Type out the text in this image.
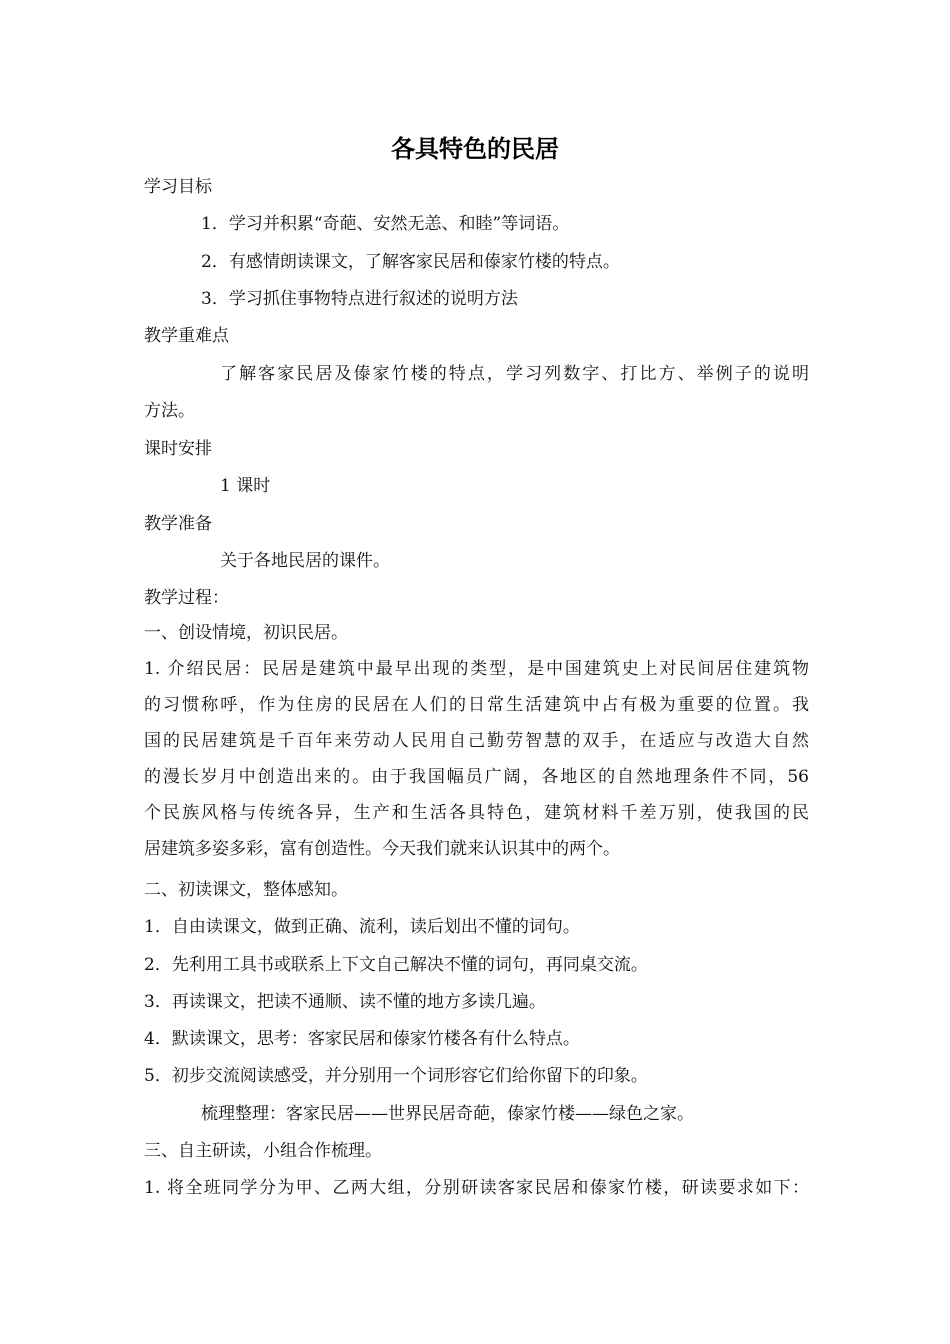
各具特色的民居
学习目标
1．学习并积累“奇葩、安然无恙、和睦”等词语。
2．有感情朗读课文，了解客家民居和傣家竹楼的特点。
3．学习抓住事物特点进行叙述的说明方法
教学重难点
了解客家民居及傣家竹楼的特点，学习列数字、打比方、举例子的说明
方法。
课时安排
1 课时
教学准备
关于各地民居的课件。
教学过程：
一、创设情境，初识民居。
1. 介绍民居：民居是建筑中最早出现的类型，是中国建筑史上对民间居住建筑物
的习惯称呼，作为住房的民居在人们的日常生活建筑中占有极为重要的位置。我
国的民居建筑是千百年来劳动人民用自己勤劳智慧的双手，在适应与改造大自然
的漫长岁月中创造出来的。由于我国幅员广阔，各地区的自然地理条件不同，56
个民族风格与传统各异，生产和生活各具特色，建筑材料千差万别，使我国的民
居建筑多姿多彩，富有创造性。今天我们就来认识其中的两个。
二、初读课文，整体感知。
1．自由读课文，做到正确、流利，读后划出不懂的词句。
2．先利用工具书或联系上下文自己解决不懂的词句，再同桌交流。
3．再读课文，把读不通顺、读不懂的地方多读几遍。
4．默读课文，思考：客家民居和傣家竹楼各有什么特点。
5．初步交流阅读感受，并分别用一个词形容它们给你留下的印象。
梳理整理：客家民居——世界民居奇葩，傣家竹楼——绿色之家。
三、自主研读，小组合作梳理。
1. 将全班同学分为甲、乙两大组，分别研读客家民居和傣家竹楼，研读要求如下：
